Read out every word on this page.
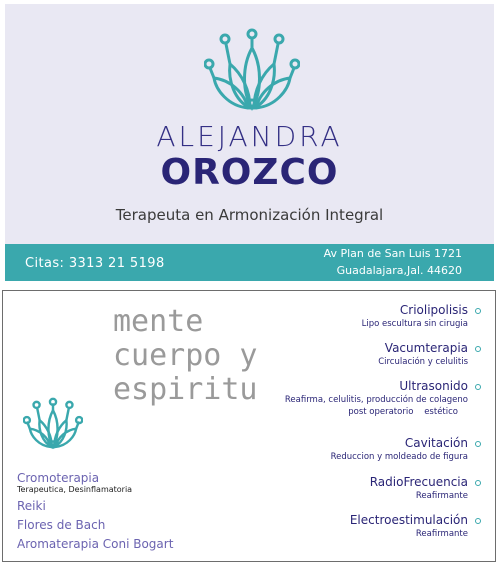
ALEJANDRA
OROZCO
Terapeuta en Armonización Integral
Citas: 3313 21 5198
Av Plan de San Luis 1721
Guadalajara,Jal. 44620
mente
cuerpo y
espiritu
Cromoterapia
Terapeutica, Desinflamatoria
Reiki
Flores de Bach
Aromaterapia Coni Bogart
Criolipolisis
Lipo escultura sin cirugia
Vacumterapia
Circulación y celulitis
Ultrasonido
Reafirma, celulitis, producción de colageno
post operatorio    estético
Cavitación
Reduccion y moldeado de figura
RadioFrecuencia
Reafirmante
Electroestimulación
Reafirmante
